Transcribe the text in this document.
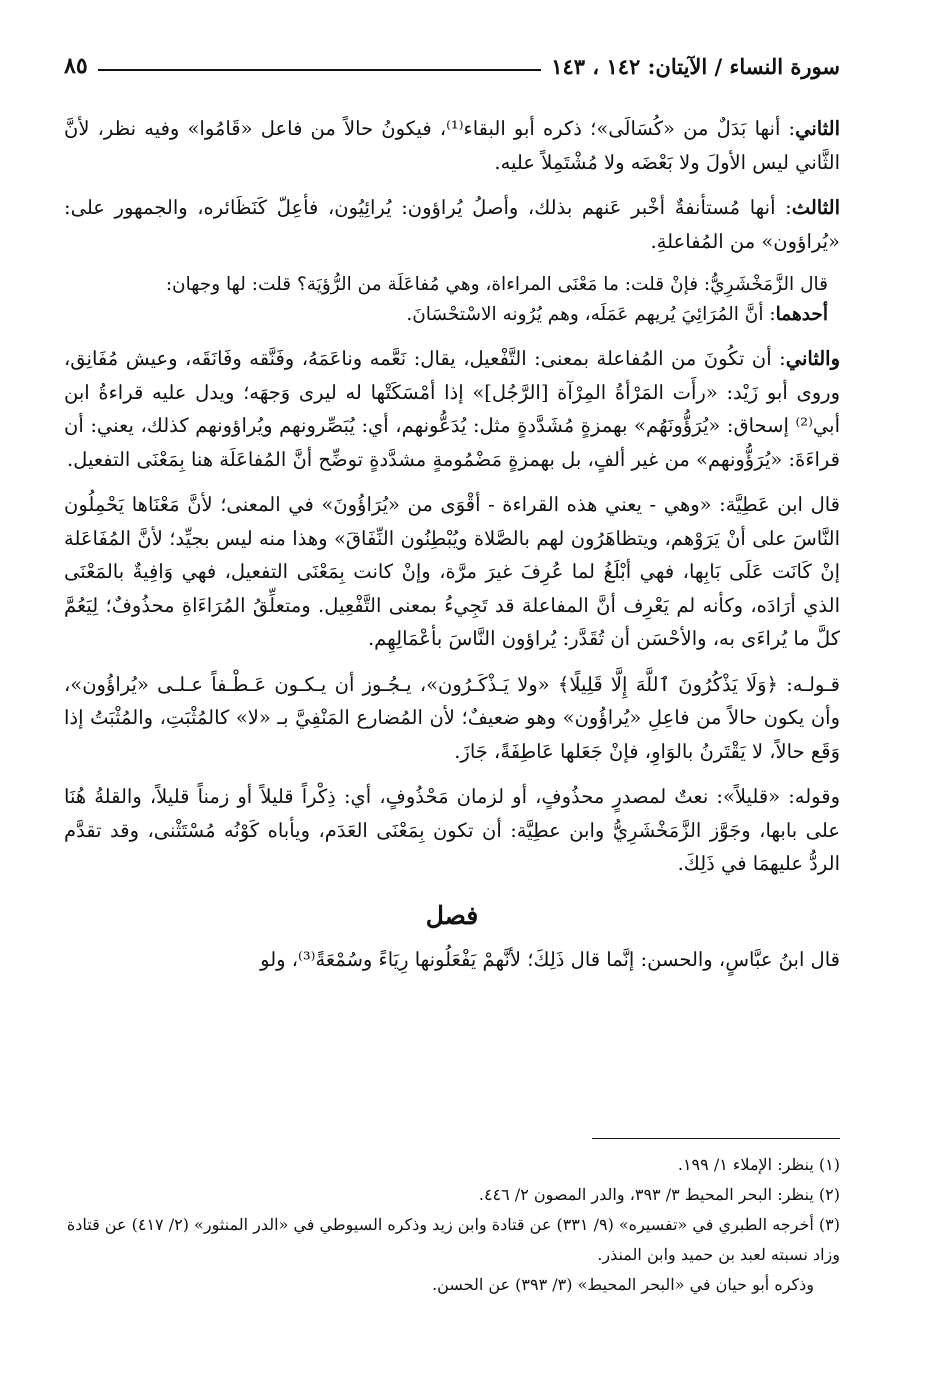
سورة النساء / الآيتان: ١٤٢ ، ١٤٣
٨٥

الثاني: أنها بَدَلٌ من «كُسَالَى»؛ ذكره أبو البقاء⁽¹⁾، فيكونُ حالاً من فاعل «قَامُوا» وفيه نظر، لأنَّ الثَّاني ليس الأولَ ولا بَعْضَه ولا مُشْتَمِلاً عليه.

الثالث: أنها مُستأنفةٌ أخْبر عَنهم بذلك، وأصلُ يُراؤون: يُرائِيُون، فأعِلّ كَنَظَائره، والجمهور على: «يُراؤون» من المُفاعلةِ.

قال الزَّمَخْشَرِيُّ: فإنْ قلت: ما مَعْنَى المراءاة، وهي مُفاعَلَة من الرُّؤيَة؟ قلت: لها وجهان:

أحدهما: أنَّ المُرَائِيَ يُريهم عَمَلَه، وهم يُرُونه الاسْتحْسَانَ.

والثاني: أن تكُونَ من المُفاعلة بمعنى: التَّفْعيل، يقال: نَعَّمه وناعَمَهُ، وفَنَّقه وفَانَقَه، وعيش مُفَانِق، وروى أبو زَيْد: «رأَت المَرْأةُ المِرْآة [الرَّجُل]» إذا أمْسَكَتْها له ليرى وَجهَه؛ ويدل عليه قراءةُ ابن أبي⁽²⁾ إسحاق: «يُرَؤُّونَهُم» بهمزةٍ مُشَدَّدةٍ مثل: يُدَعُّونهم، أي: يُبَصِّرونهم ويُراؤونهم كذلك، يعني: أن قراءَةَ: «يُرَؤُّونهم» من غير ألفٍ، بل بهمزةٍ مَضْمُومةٍ مشدَّدةٍ توضِّح أنَّ المُفاعَلَة هنا بِمَعْنَى التفعيل.

قال ابن عَطِيَّة: «وهي - يعني هذه القراءة - أقْوَى من «يُرَاؤُونَ» في المعنى؛ لأنَّ مَعْنَاها يَحْمِلُون النَّاسَ على أنْ يَرَوْهم، ويتظاهَرُون لهم بالصَّلاة ويُبْطِنُون النِّفَاقَ» وهذا منه ليس بجيِّد؛ لأنَّ المُفَاعَلة إنْ كَانَت عَلَى بَابِها، فهي أبْلَغُ لما عُرِفَ غيرَ مرَّة، وإنْ كانت بِمَعْنَى التفعيل، فهي وَافِيةٌ بالمَعْنَى الذي أرَادَه، وكأنه لم يَعْرِف أنَّ المفاعلة قد تَجِيءُ بمعنى التَّفْعِيل. ومتعلِّقُ المُرَاءَاةِ محذُوفٌ؛ لِيَعُمَّ كلَّ ما يُراءَى به، والأحْسَن أن تُقَدَّر: يُراؤون النَّاسَ بأعْمَالِهِم.

قـولـه: ﴿وَلَا يَذْكُرُونَ ٱللَّهَ إِلَّا قَلِيلًا﴾ «ولا يَـذْكَـرُون»، يـجُـوز أن يـكـون عَـطْـفاً عـلـى «يُراؤُون»، وأن يكون حالاً من فاعِلِ «يُراؤُون» وهو ضعيفٌ؛ لأن المُضارع المَنْفِيَّ بـ «لا» كالمُثْبَتِ، والمُثْبَتُ إذا وَقَع حالاً، لا يَقْتَرنُ بالوَاوِ، فإنْ جَعَلها عَاطِفَةً، جَازَ.

وقوله: «قليلاً»: نعتٌ لمصدرٍ محذُوفٍ، أو لزمان مَحْذُوفٍ، أي: ذِكْراً قليلاً أو زمناً قليلاً، والقلةُ هُنَا على بابها، وجَوَّز الزَّمَخْشَرِيُّ وابن عطِيَّة: أن تكون بِمَعْنَى العَدَم، ويأباه كَوْنُه مُسْتَثْنى، وقد تقدَّم الردُّ عليهمَا في ذَلِكَ.

فصل

قال ابنُ عبَّاسٍ، والحسن: إنَّما قال ذَلِكَ؛ لأنَّهمْ يَفْعَلُونها رِيَاءً وسُمْعَةً⁽³⁾، ولو

(١) ينظر: الإملاء ١/ ١٩٩.

(٢) ينظر: البحر المحيط ٣/ ٣٩٣، والدر المصون ٢/ ٤٤٦.

(٣) أخرجه الطبري في «تفسيره» (٩/ ٣٣١) عن قتادة وابن زيد وذكره السيوطي في «الدر المنثور» (٢/ ٤١٧) عن قتادة وزاد نسبته لعبد بن حميد وابن المنذر.

وذكره أبو حيان في «البحر المحيط» (٣/ ٣٩٣) عن الحسن.
